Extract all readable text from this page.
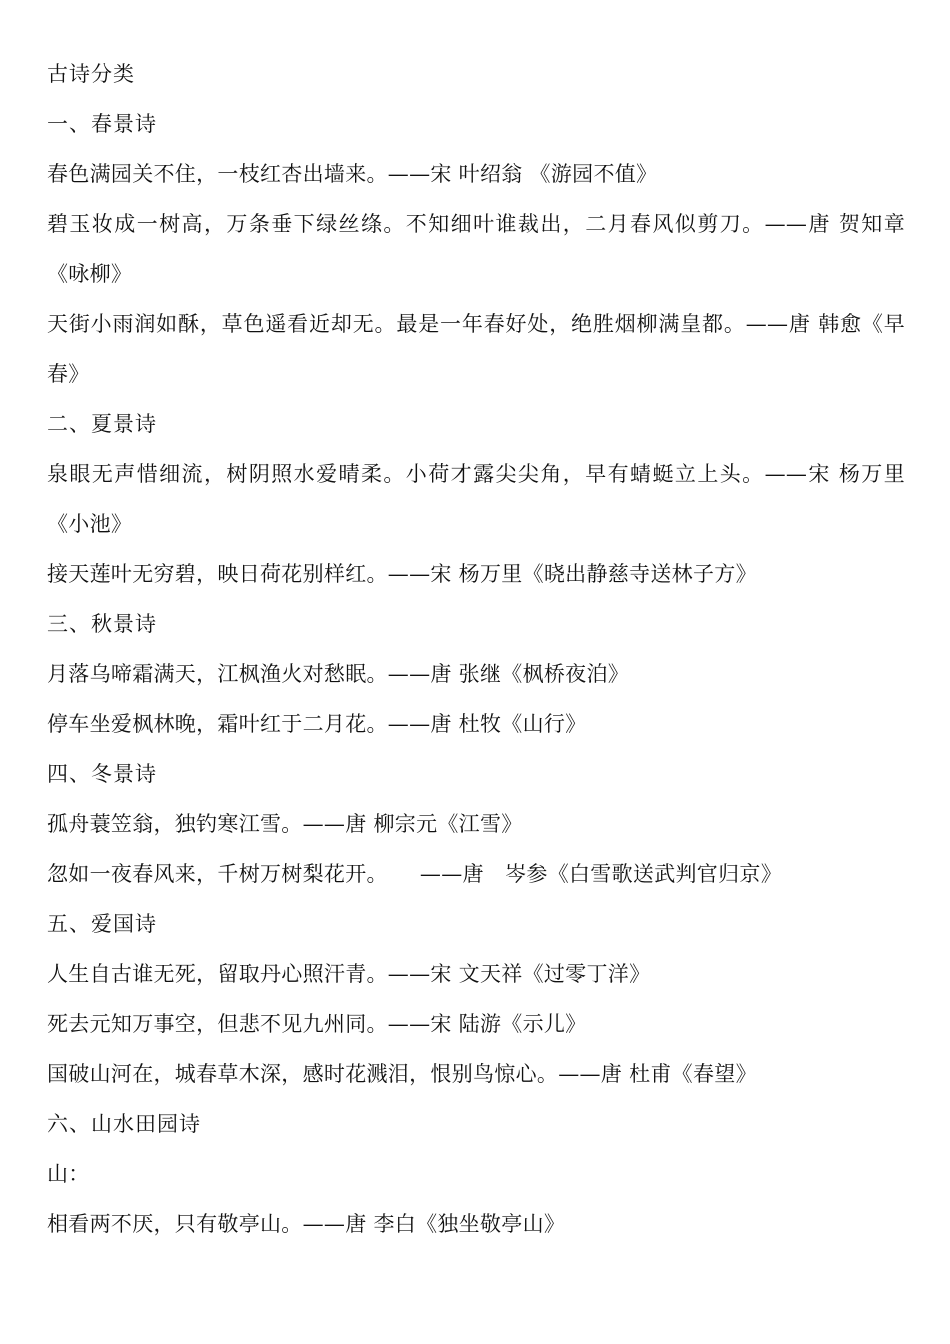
古诗分类
一、春景诗
春色满园关不住，一枝红杏出墙来。——宋 叶绍翁 《游园不值》
碧玉妆成一树高，万条垂下绿丝绦。不知细叶谁裁出，二月春风似剪刀。——唐 贺知章《咏柳》
天街小雨润如酥，草色遥看近却无。最是一年春好处，绝胜烟柳满皇都。——唐 韩愈《早春》
二、夏景诗
泉眼无声惜细流，树阴照水爱晴柔。小荷才露尖尖角，早有蜻蜓立上头。——宋 杨万里《小池》
接天莲叶无穷碧，映日荷花别样红。——宋 杨万里《晓出静慈寺送林子方》
三、秋景诗
月落乌啼霜满天，江枫渔火对愁眠。——唐 张继《枫桥夜泊》
停车坐爱枫林晚，霜叶红于二月花。——唐 杜牧《山行》
四、冬景诗
孤舟蓑笠翁，独钓寒江雪。——唐 柳宗元《江雪》
忽如一夜春风来，千树万树梨花开。　　——唐　岑参《白雪歌送武判官归京》
五、爱国诗
人生自古谁无死，留取丹心照汗青。——宋 文天祥《过零丁洋》
死去元知万事空，但悲不见九州同。——宋 陆游《示儿》
国破山河在，城春草木深，感时花溅泪，恨别鸟惊心。——唐 杜甫《春望》
六、山水田园诗
山：
相看两不厌，只有敬亭山。——唐 李白《独坐敬亭山》
